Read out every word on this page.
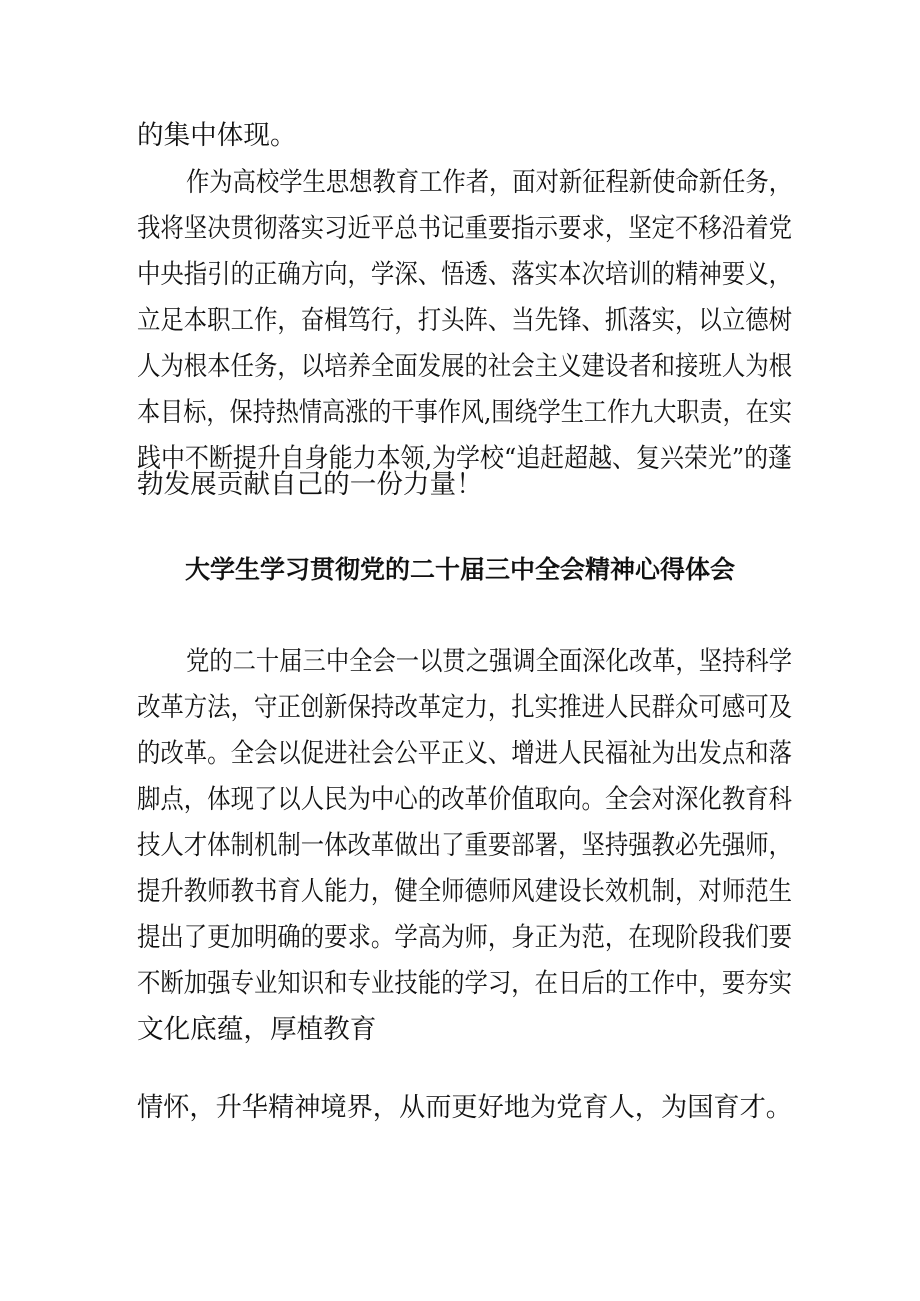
的集中体现。
作为高校学生思想教育工作者，面对新征程新使命新任务，
我将坚决贯彻落实习近平总书记重要指示要求，坚定不移沿着党
中央指引的正确方向，学深、悟透、落实本次培训的精神要义，
立足本职工作，奋楫笃行，打头阵、当先锋、抓落实，以立德树
人为根本任务，以培养全面发展的社会主义建设者和接班人为根
本目标，保持热情高涨的干事作风,围绕学生工作九大职责，在实
践中不断提升自身能力本领,为学校“追赶超越、复兴荣光”的蓬
勃发展贡献自己的一份力量！
大学生学习贯彻党的二十届三中全会精神心得体会
党的二十届三中全会一以贯之强调全面深化改革，坚持科学
改革方法，守正创新保持改革定力，扎实推进人民群众可感可及
的改革。全会以促进社会公平正义、增进人民福祉为出发点和落
脚点，体现了以人民为中心的改革价值取向。全会对深化教育科
技人才体制机制一体改革做出了重要部署，坚持强教必先强师，
提升教师教书育人能力，健全师德师风建设长效机制，对师范生
提出了更加明确的要求。学高为师，身正为范，在现阶段我们要
不断加强专业知识和专业技能的学习，在日后的工作中，要夯实
文化底蕴，厚植教育
情怀，升华精神境界，从而更好地为党育人，为国育才。
